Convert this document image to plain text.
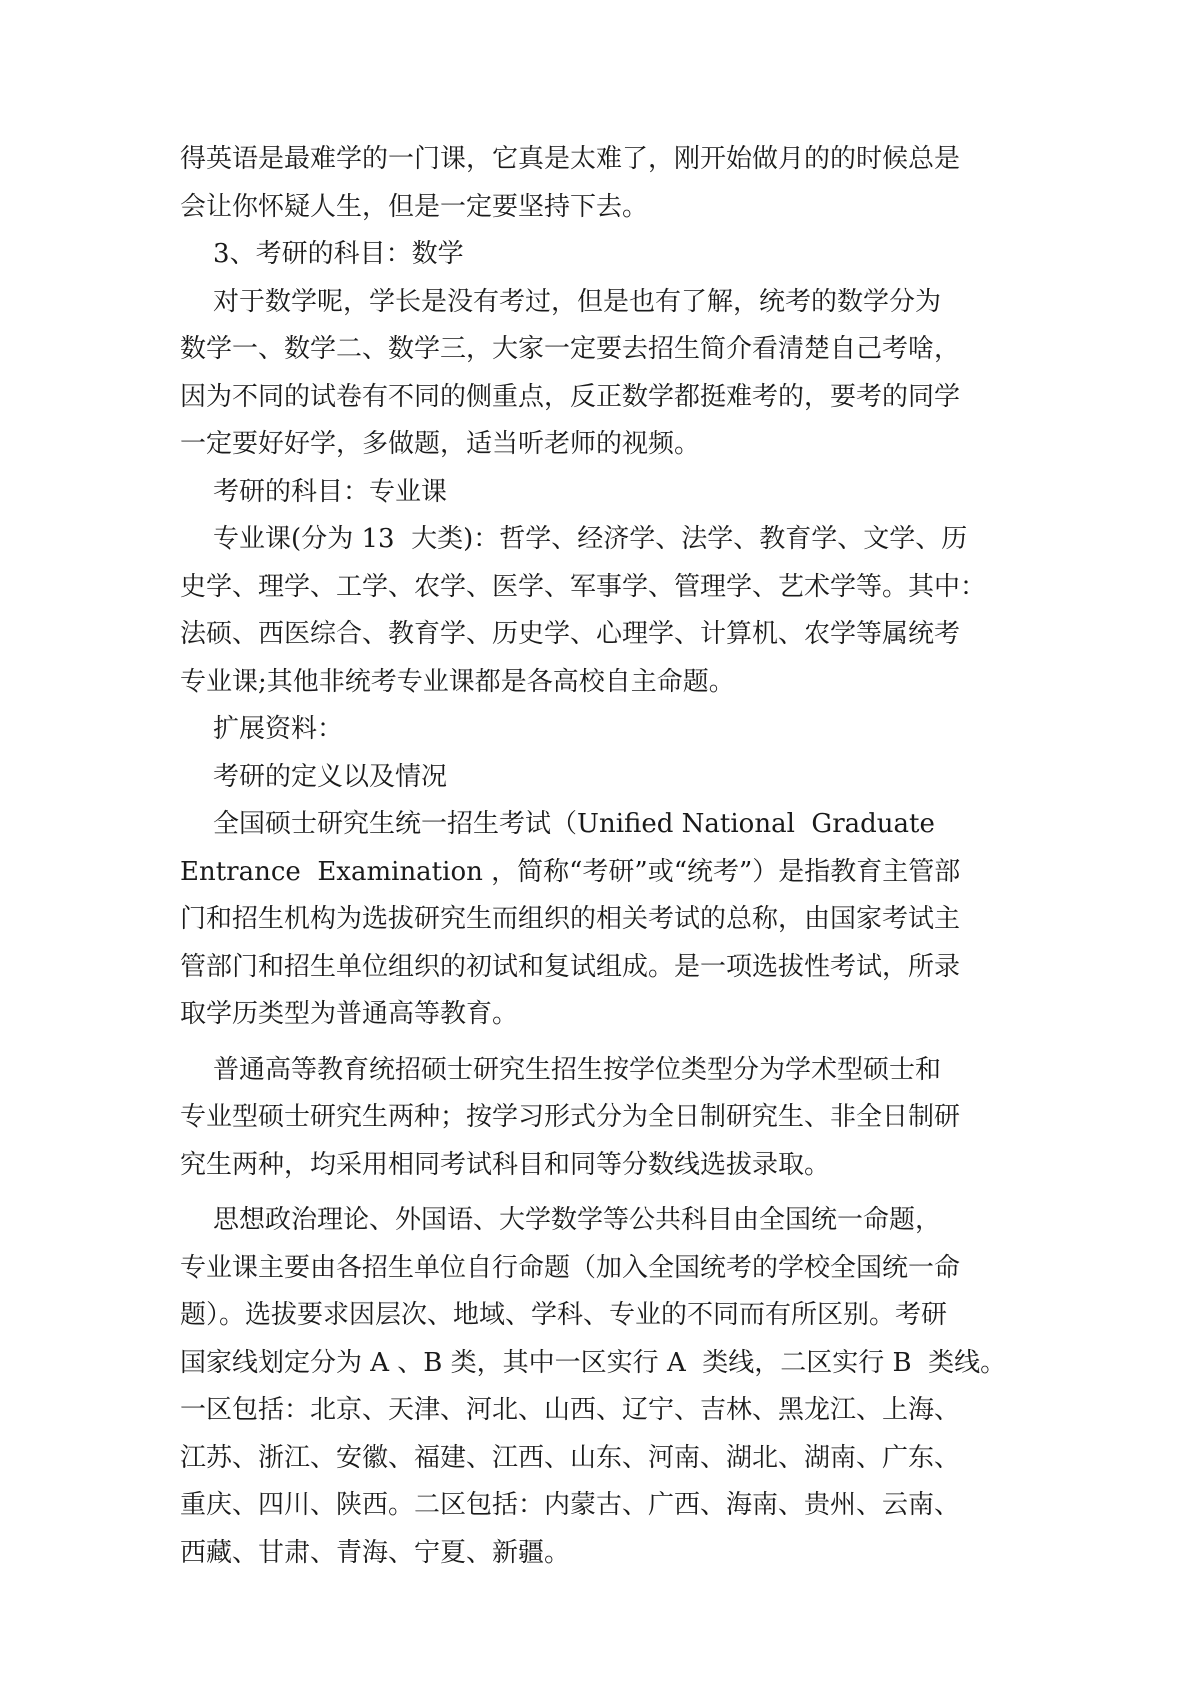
得英语是最难学的一门课，它真是太难了，刚开始做月的的时候总是
会让你怀疑人生，但是一定要坚持下去。
3、考研的科目：数学
对于数学呢，学长是没有考过，但是也有了解，统考的数学分为
数学一、数学二、数学三，大家一定要去招生简介看清楚自己考啥，
因为不同的试卷有不同的侧重点，反正数学都挺难考的，要考的同学
一定要好好学，多做题，适当听老师的视频。
考研的科目：专业课
专业课(分为 13  大类)：哲学、经济学、法学、教育学、文学、历
史学、理学、工学、农学、医学、军事学、管理学、艺术学等。其中：
法硕、西医综合、教育学、历史学、心理学、计算机、农学等属统考
专业课;其他非统考专业课都是各高校自主命题。
扩展资料：
考研的定义以及情况
全国硕士研究生统一招生考试（Unified National  Graduate
Entrance  Examination ，简称“考研”或“统考”）是指教育主管部
门和招生机构为选拔研究生而组织的相关考试的总称，由国家考试主
管部门和招生单位组织的初试和复试组成。是一项选拔性考试，所录
取学历类型为普通高等教育。
普通高等教育统招硕士研究生招生按学位类型分为学术型硕士和
专业型硕士研究生两种；按学习形式分为全日制研究生、非全日制研
究生两种，均采用相同考试科目和同等分数线选拔录取。
思想政治理论、外国语、大学数学等公共科目由全国统一命题，
专业课主要由各招生单位自行命题（加入全国统考的学校全国统一命
题）。选拔要求因层次、地域、学科、专业的不同而有所区别。考研
国家线划定分为 A 、B 类，其中一区实行 A  类线，二区实行 B  类线。
一区包括：北京、天津、河北、山西、辽宁、吉林、黑龙江、上海、
江苏、浙江、安徽、福建、江西、山东、河南、湖北、湖南、广东、
重庆、四川、陕西。二区包括：内蒙古、广西、海南、贵州、云南、
西藏、甘肃、青海、宁夏、新疆。
